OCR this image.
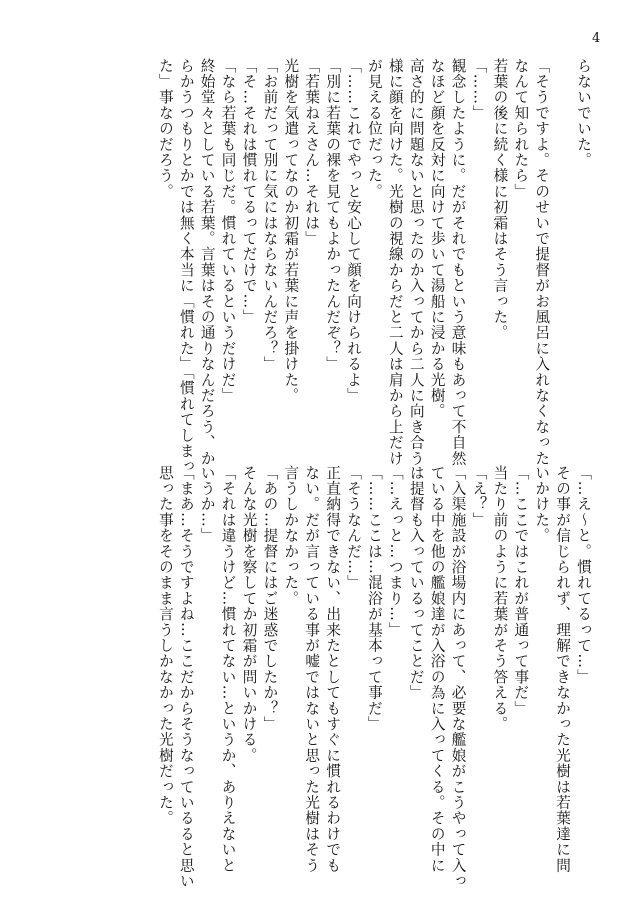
4
らないでいた。

「そうですよ。そのせいで提督がお風呂に入れなくなった
なんて知られたら」
若葉の後に続く様に初霜はそう言った。
「……」
観念したように。だがそれでもという意味もあって不自然
なほど顔を反対に向けて歩いて湯船に浸かる光樹。
高さ的に問題ないと思ったのか入ってから二人に向き合う
様に顔を向けた。光樹の視線からだと二人は肩から上だけ
が見える位だった。
「……これでやっと安心して顔を向けられるよ」
「別に若葉の裸を見てもよかったんだぞ？」
「若葉ねえさん…それは」
光樹を気遣ってなのか初霜が若葉に声を掛けた。
「お前だって別に気にはならないんだろ？」
「そ…それは慣れてるってだけで…」
「なら若葉も同じだ。慣れているというだけだ」
終始堂々としている若葉。言葉はその通りなんだろう、か
らかうつもりとかでは無く本当に「慣れた」「慣れてしまっ
た」事なのだろう。
「…え〜と。慣れてるって…」
その事が信じられず、理解できなかった光樹は若葉達に問
いかけた。
「…ここではこれが普通って事だ」
当たり前のように若葉がそう答える。
「え？」
「入渠施設が浴場内にあって、必要な艦娘がこうやって入っ
ている中を他の艦娘達が入浴の為に入ってくる。その中に
は提督も入っているってことだ」
「…えっと…つまり…」
「……ここは…混浴が基本って事だ」
「そうなんだ…」
正直納得できない、出来たとしてもすぐに慣れるわけでも
ない。だが言っている事が嘘ではないと思った光樹はそう
言うしかなかった。
「あの…提督にはご迷惑でしたか？」
そんな光樹を察してか初霜が問いかける。
「それは違うけど…慣れてない…というか、ありえないと
いうか…」
「まあ…そうですよね…ここだからそうなっているると思い
思った事をそのまま言うしかなかった光樹だった。
